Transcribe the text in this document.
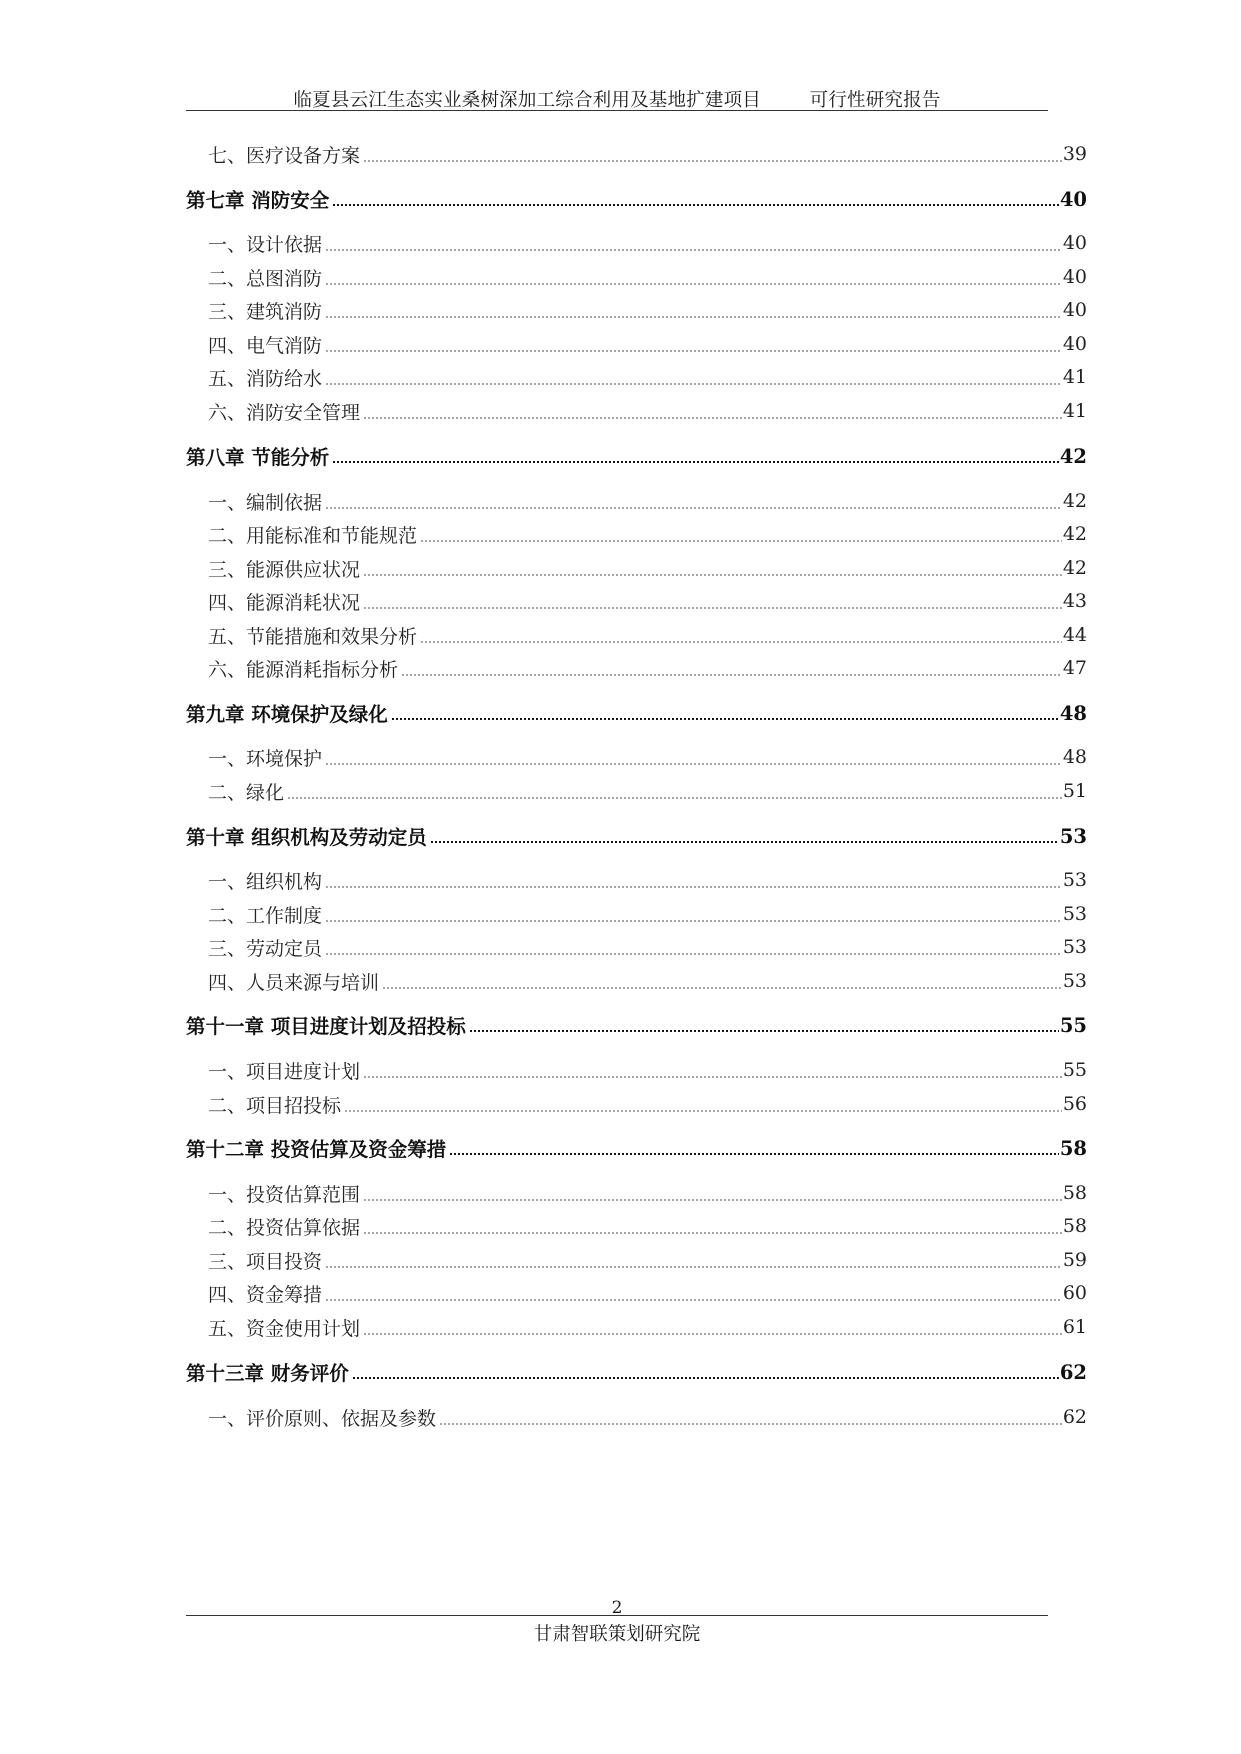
临夏县云江生态实业桑树深加工综合利用及基地扩建项目        可行性研究报告
七、医疗设备方案	39
第七章 消防安全	40
一、设计依据	40
二、总图消防	40
三、建筑消防	40
四、电气消防	40
五、消防给水	41
六、消防安全管理	41
第八章 节能分析	42
一、编制依据	42
二、用能标准和节能规范	42
三、能源供应状况	42
四、能源消耗状况	43
五、节能措施和效果分析	44
六、能源消耗指标分析	47
第九章 环境保护及绿化	48
一、环境保护	48
二、绿化	51
第十章 组织机构及劳动定员	53
一、组织机构	53
二、工作制度	53
三、劳动定员	53
四、人员来源与培训	53
第十一章 项目进度计划及招投标	55
一、项目进度计划	55
二、项目招投标	56
第十二章 投资估算及资金筹措	58
一、投资估算范围	58
二、投资估算依据	58
三、项目投资	59
四、资金筹措	60
五、资金使用计划	61
第十三章 财务评价	62
一、评价原则、依据及参数	62
2
甘肃智联策划研究院
